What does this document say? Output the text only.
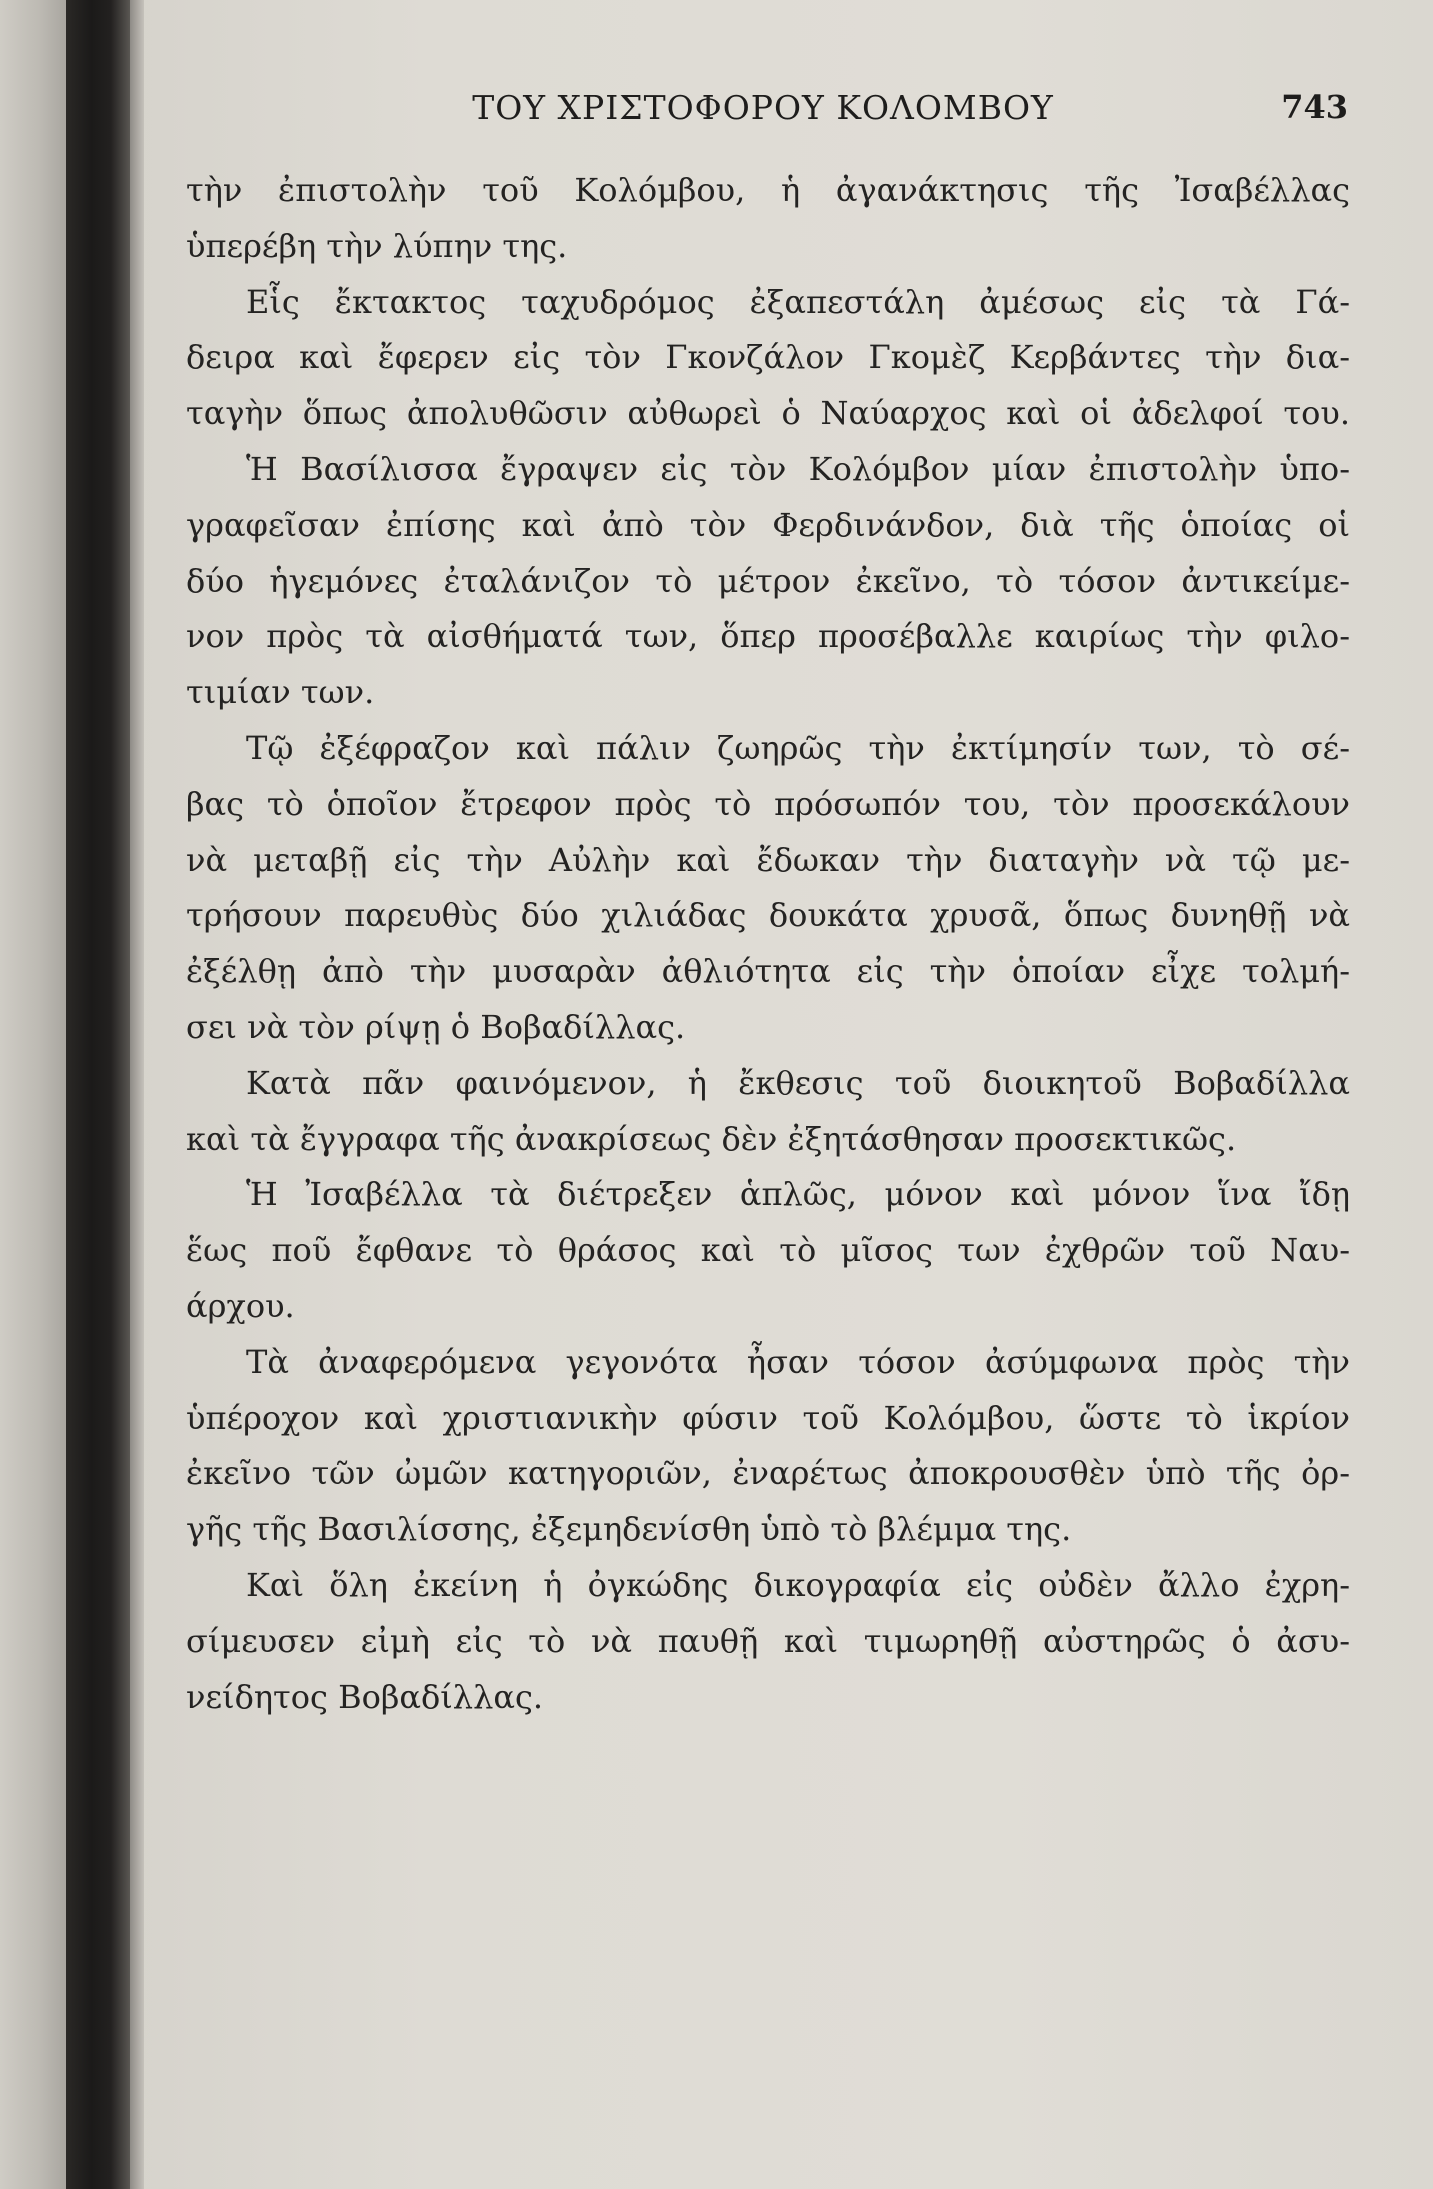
ΤΟΥ ΧΡΙΣΤΟΦΟΡΟΥ ΚΟΛΟΜΒΟΥ	743
τὴν ἐπιστολὴν τοῦ Κολόμβου, ἡ ἀγανάκτησις τῆς Ἰσαβέλλας
ὑπερέβη τὴν λύπην της.
Εἷς ἔκτακτος ταχυδρόμος ἐξαπεστάλη ἀμέσως εἰς τὰ Γά-
δειρα καὶ ἔφερεν εἰς τὸν Γκονζάλον Γκομὲζ Κερβάντες τὴν δια-
ταγὴν ὅπως ἀπολυθῶσιν αὐθωρεὶ ὁ Ναύαρχος καὶ οἱ ἀδελφοί του.
Ἡ Βασίλισσα ἔγραψεν εἰς τὸν Κολόμβον μίαν ἐπιστολὴν ὑπο-
γραφεῖσαν ἐπίσης καὶ ἀπὸ τὸν Φερδινάνδον, διὰ τῆς ὁποίας οἱ
δύο ἡγεμόνες ἐταλάνιζον τὸ μέτρον ἐκεῖνο, τὸ τόσον ἀντικείμε-
νον πρὸς τὰ αἰσθήματά των, ὅπερ προσέβαλλε καιρίως τὴν φιλο-
τιμίαν των.
Τῷ ἐξέφραζον καὶ πάλιν ζωηρῶς τὴν ἐκτίμησίν των, τὸ σέ-
βας τὸ ὁποῖον ἔτρεφον πρὸς τὸ πρόσωπόν του, τὸν προσεκάλουν
νὰ μεταβῇ εἰς τὴν Αὐλὴν καὶ ἔδωκαν τὴν διαταγὴν νὰ τῷ με-
τρήσουν παρευθὺς δύο χιλιάδας δουκάτα χρυσᾶ, ὅπως δυνηθῇ νὰ
ἐξέλθῃ ἀπὸ τὴν μυσαρὰν ἀθλιότητα εἰς τὴν ὁποίαν εἶχε τολμή-
σει νὰ τὸν ρίψῃ ὁ Βοβαδίλλας.
Κατὰ πᾶν φαινόμενον, ἡ ἔκθεσις τοῦ διοικητοῦ Βοβαδίλλα
καὶ τὰ ἔγγραφα τῆς ἀνακρίσεως δὲν ἐξητάσθησαν προσεκτικῶς.
Ἡ Ἰσαβέλλα τὰ διέτρεξεν ἁπλῶς, μόνον καὶ μόνον ἵνα ἴδῃ
ἕως ποῦ ἔφθανε τὸ θράσος καὶ τὸ μῖσος των ἐχθρῶν τοῦ Ναυ-
άρχου.
Τὰ ἀναφερόμενα γεγονότα ἦσαν τόσον ἀσύμφωνα πρὸς τὴν
ὑπέροχον καὶ χριστιανικὴν φύσιν τοῦ Κολόμβου, ὥστε τὸ ἱκρίον
ἐκεῖνο τῶν ὠμῶν κατηγοριῶν, ἐναρέτως ἀποκρουσθὲν ὑπὸ τῆς ὀρ-
γῆς τῆς Βασιλίσσης, ἐξεμηδενίσθη ὑπὸ τὸ βλέμμα της.
Καὶ ὅλη ἐκείνη ἡ ὀγκώδης δικογραφία εἰς οὐδὲν ἄλλο ἐχρη-
σίμευσεν εἰμὴ εἰς τὸ νὰ παυθῇ καὶ τιμωρηθῇ αὐστηρῶς ὁ ἀσυ-
νείδητος Βοβαδίλλας.
